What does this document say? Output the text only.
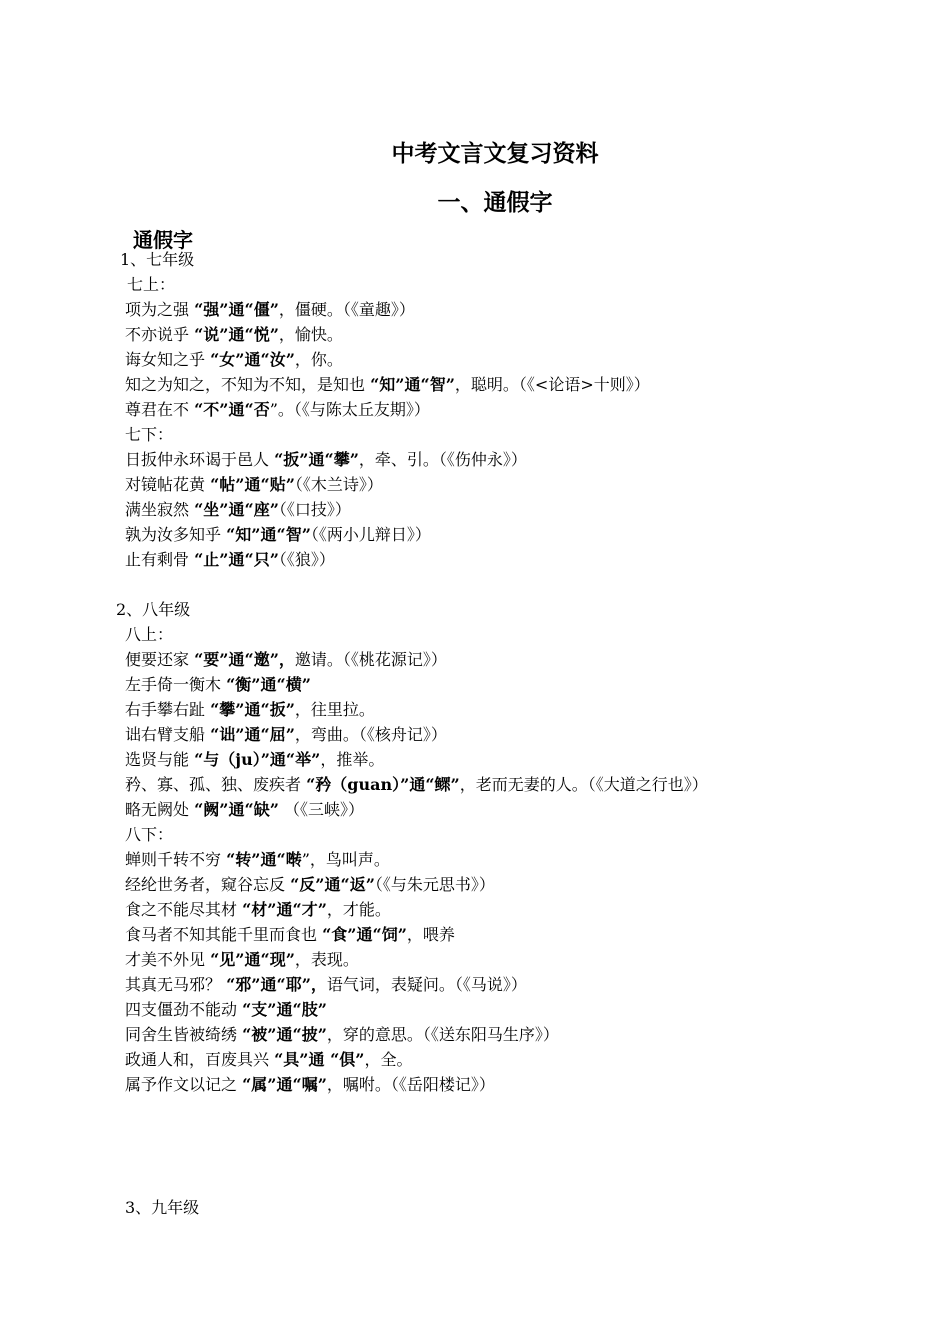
中考文言文复习资料
一、通假字
通假字
1、七年级
七上：
项为之强 “强”通“僵”，僵硬。（《童趣》）
不亦说乎 “说”通“悦”，愉快。
诲女知之乎 “女”通“汝”，你。
知之为知之，不知为不知，是知也 “知”通“智”，聪明。（《<论语>十则》）
尊君在不 “不”通“否”。（《与陈太丘友期》）
七下：
日扳仲永环谒于邑人 “扳”通“攀”，牵、引。（《伤仲永》）
对镜帖花黄 “帖”通“贴”（《木兰诗》）
满坐寂然 “坐”通“座”（《口技》）
孰为汝多知乎 “知”通“智”（《两小儿辩日》）
止有剩骨 “止”通“只”（《狼》）
2、八年级
八上：
便要还家 “要”通“邀”，邀请。（《桃花源记》）
左手倚一衡木 “衡”通“横”
右手攀右趾 “攀”通“扳”，往里拉。
诎右臂支船 “诎”通“屈”，弯曲。（《核舟记》）
选贤与能 “与（ju）”通“举”，推举。
矜、寡、孤、独、废疾者 “矜（guan）”通“鳏”，老而无妻的人。（《大道之行也》）
略无阙处 “阙”通“缺” （《三峡》）
八下：
蝉则千转不穷 “转”通“啭”，鸟叫声。
经纶世务者，窥谷忘反 “反”通“返”（《与朱元思书》）
食之不能尽其材 “材”通“才”，才能。
食马者不知其能千里而食也 “食”通“饲”，喂养
才美不外见 “见”通“现”，表现。
其真无马邪？ “邪”通“耶”，语气词，表疑问。（《马说》）
四支僵劲不能动 “支”通“肢”
同舍生皆被绮绣 “被”通“披”，穿的意思。（《送东阳马生序》）
政通人和，百废具兴 “具”通 “俱”，全。
属予作文以记之 “属”通“嘱”，嘱咐。（《岳阳楼记》）
3、九年级
